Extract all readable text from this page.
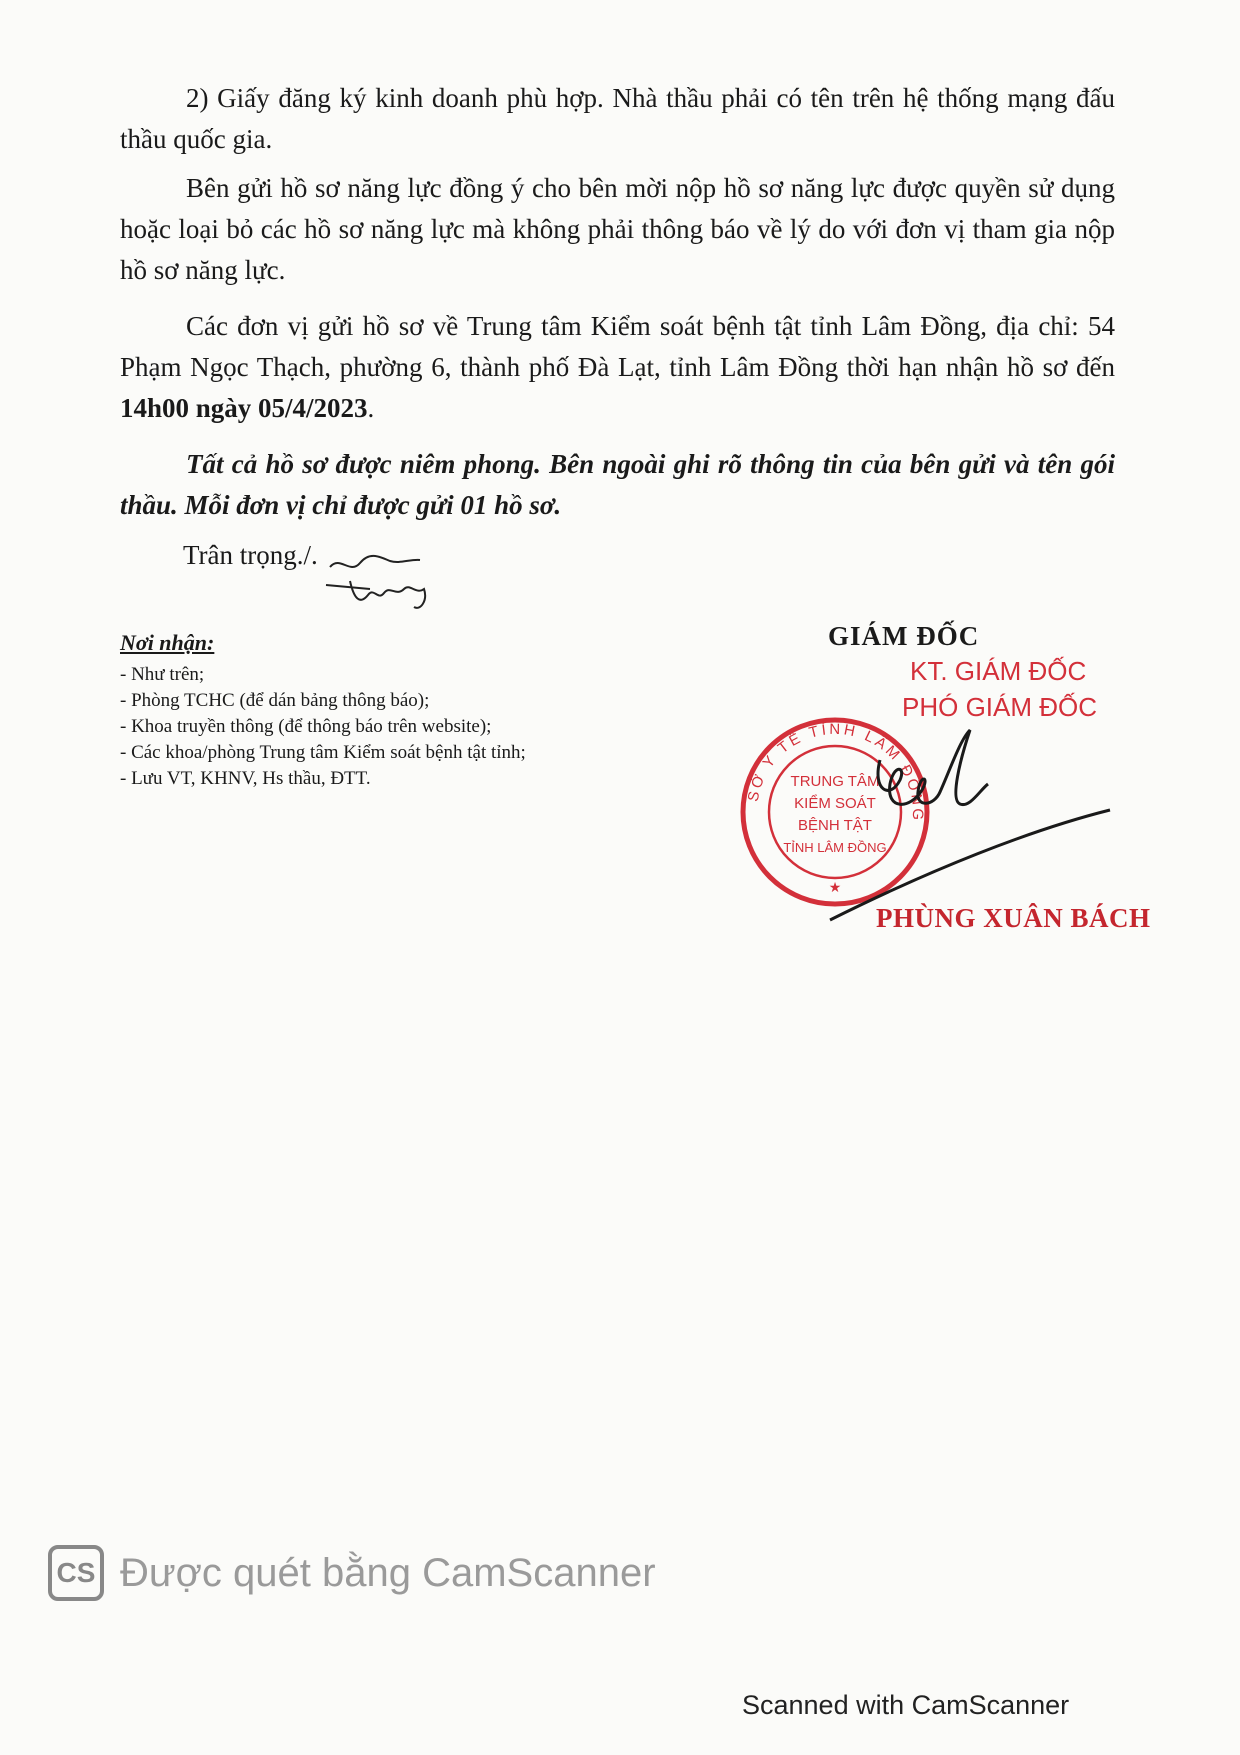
2) Giấy đăng ký kinh doanh phù hợp. Nhà thầu phải có tên trên hệ thống mạng đấu thầu quốc gia.

Bên gửi hồ sơ năng lực đồng ý cho bên mời nộp hồ sơ năng lực được quyền sử dụng hoặc loại bỏ các hồ sơ năng lực mà không phải thông báo về lý do với đơn vị tham gia nộp hồ sơ năng lực.

Các đơn vị gửi hồ sơ về Trung tâm Kiểm soát bệnh tật tỉnh Lâm Đồng, địa chỉ: 54 Phạm Ngọc Thạch, phường 6, thành phố Đà Lạt, tỉnh Lâm Đồng thời hạn nhận hồ sơ đến 14h00 ngày 05/4/2023.

Tất cả hồ sơ được niêm phong. Bên ngoài ghi rõ thông tin của bên gửi và tên gói thầu. Mỗi đơn vị chỉ được gửi 01 hồ sơ.

Trân trọng./.

Nơi nhận:

- Như trên;
- Phòng TCHC (để dán bảng thông báo);
- Khoa truyền thông (để thông báo trên website);
- Các khoa/phòng Trung tâm Kiểm soát bệnh tật tỉnh;
- Lưu VT, KHNV, Hs thầu, ĐTT.
GIÁM ĐỐC
KT. GIÁM ĐỐC
PHÓ GIÁM ĐỐC
SỞ Y TẾ TỈNH LÂM ĐỒNG
TRUNG TÂM
KIỂM SOÁT
BỆNH TẬT
TỈNH LÂM ĐỒNG
★
PHÙNG XUÂN BÁCH
CS Được quét bằng CamScanner
Scanned with CamScanner
